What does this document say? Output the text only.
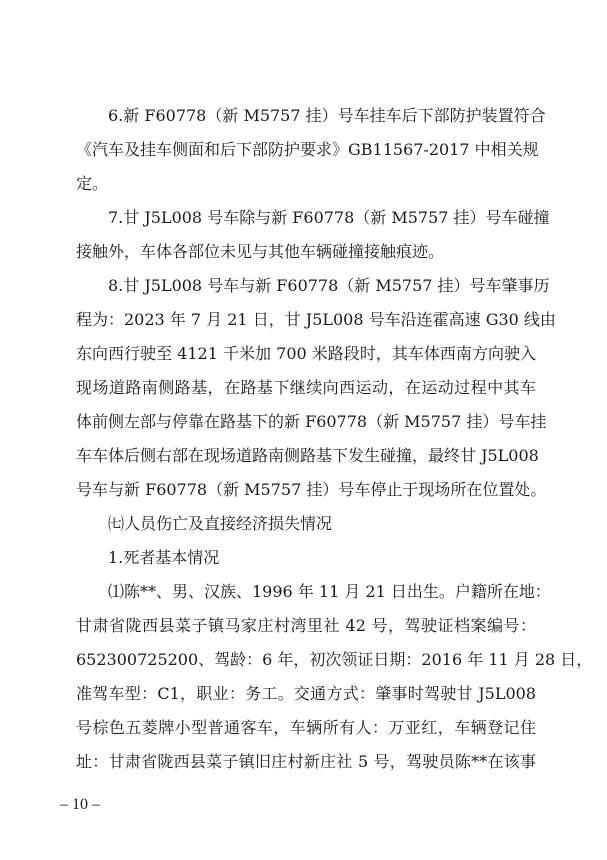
　　6.新 F60778（新 M5757 挂）号车挂车后下部防护装置符合
《汽车及挂车侧面和后下部防护要求》GB11567-2017 中相关规
定。
　　7.甘 J5L008 号车除与新 F60778（新 M5757 挂）号车碰撞
接触外，车体各部位未见与其他车辆碰撞接触痕迹。
　　8.甘 J5L008 号车与新 F60778（新 M5757 挂）号车肇事历
程为：2023 年 7 月 21 日，甘 J5L008 号车沿连霍高速 G30 线由
东向西行驶至 4121 千米加 700 米路段时，其车体西南方向驶入
现场道路南侧路基，在路基下继续向西运动，在运动过程中其车
体前侧左部与停靠在路基下的新 F60778（新 M5757 挂）号车挂
车车体后侧右部在现场道路南侧路基下发生碰撞，最终甘 J5L008
号车与新 F60778（新 M5757 挂）号车停止于现场所在位置处。
　　㈦人员伤亡及直接经济损失情况
　　1.死者基本情况
　　⑴陈**、男、汉族、1996 年 11 月 21 日出生。户籍所在地：
甘肃省陇西县菜子镇马家庄村湾里社 42 号，驾驶证档案编号：
652300725200、驾龄：6 年，初次领证日期：2016 年 11 月 28 日，
准驾车型：C1，职业：务工。交通方式：肇事时驾驶甘 J5L008
号棕色五菱牌小型普通客车，车辆所有人：万亚红，车辆登记住
址：甘肃省陇西县菜子镇旧庄村新庄社 5 号，驾驶员陈**在该事
– 10 –
